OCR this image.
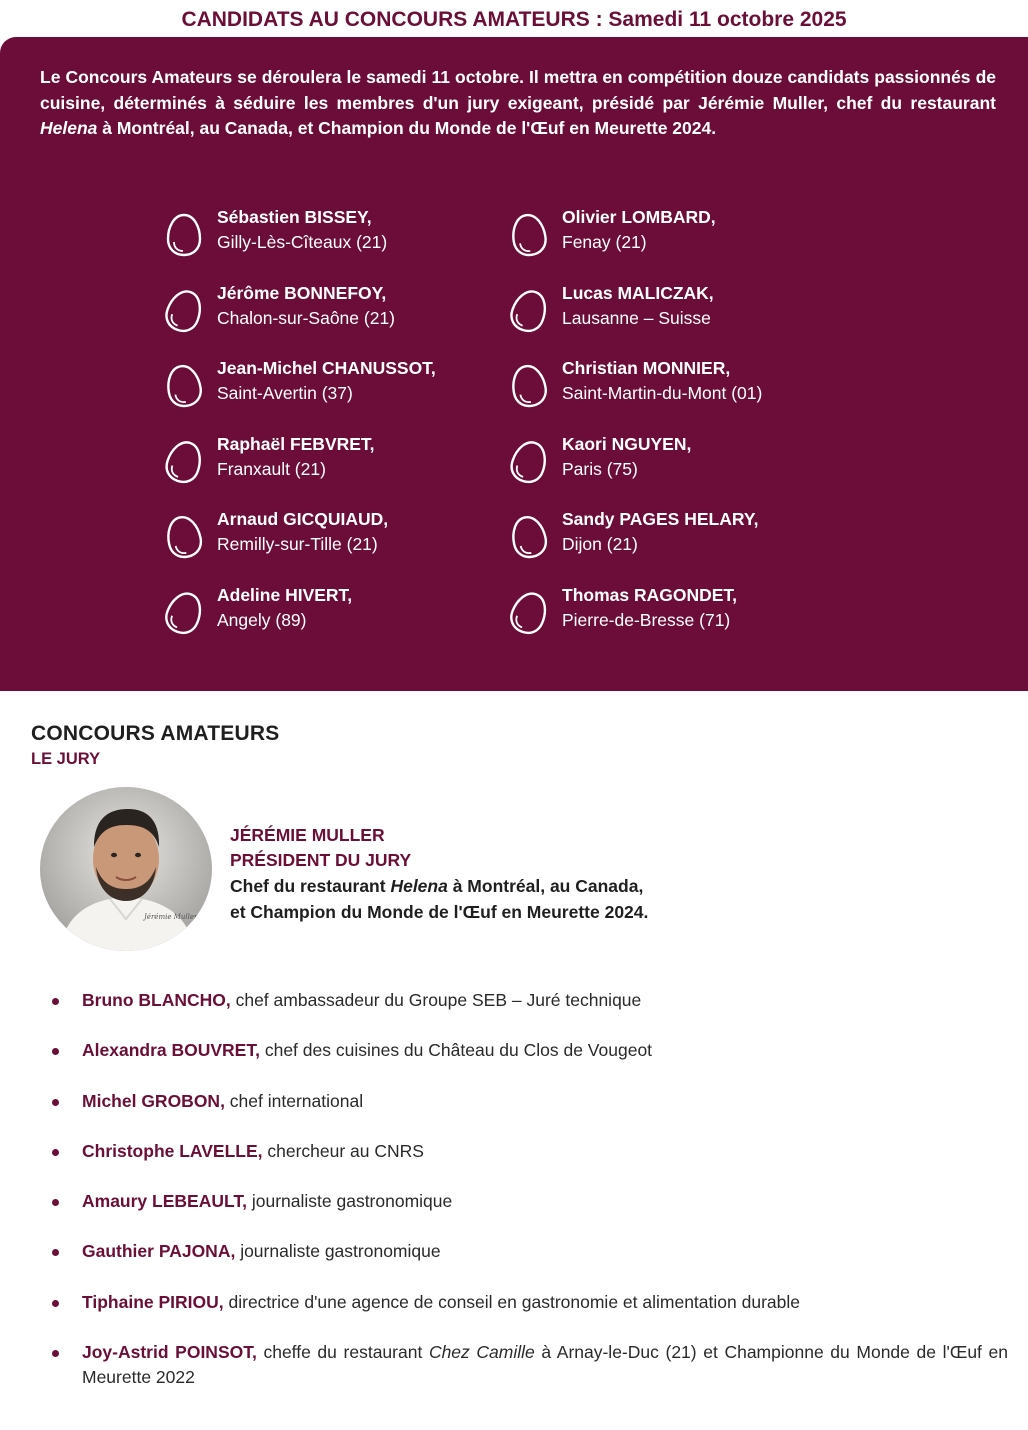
CANDIDATS AU CONCOURS AMATEURS : Samedi 11 octobre 2025

Le Concours Amateurs se déroulera le samedi 11 octobre. Il mettra en compétition douze candidats passionnés de cuisine, déterminés à séduire les membres d'un jury exigeant, présidé par Jérémie Muller, chef du restaurant Helena à Montréal, au Canada, et Champion du Monde de l'Œuf en Meurette 2024.

Sébastien BISSEY,
Gilly-Lès-Cîteaux (21)
Jérôme BONNEFOY,
Chalon-sur-Saône (21)
Jean-Michel CHANUSSOT,
Saint-Avertin (37)
Raphaël FEBVRET,
Franxault (21)
Arnaud GICQUIAUD,
Remilly-sur-Tille (21)
Adeline HIVERT,
Angely (89)
Olivier LOMBARD,
Fenay (21)
Lucas MALICZAK,
Lausanne – Suisse
Christian MONNIER,
Saint-Martin-du-Mont (01)
Kaori NGUYEN,
Paris (75)
Sandy PAGES HELARY,
Dijon (21)
Thomas RAGONDET,
Pierre-de-Bresse (71)
CONCOURS AMATEURS
LE JURY
Jérémie Muller
JÉRÉMIE MULLER
PRÉSIDENT DU JURY
Chef du restaurant Helena à Montréal, au Canada,
et Champion du Monde de l'Œuf en Meurette 2024.
Bruno BLANCHO, chef ambassadeur du Groupe SEB – Juré technique
Alexandra BOUVRET, chef des cuisines du Château du Clos de Vougeot
Michel GROBON, chef international
Christophe LAVELLE, chercheur au CNRS
Amaury LEBEAULT, journaliste gastronomique
Gauthier PAJONA, journaliste gastronomique
Tiphaine PIRIOU, directrice d'une agence de conseil en gastronomie et alimentation durable
Joy-Astrid POINSOT, cheffe du restaurant Chez Camille à Arnay-le-Duc (21) et Championne du Monde de l'Œuf en Meurette 2022
